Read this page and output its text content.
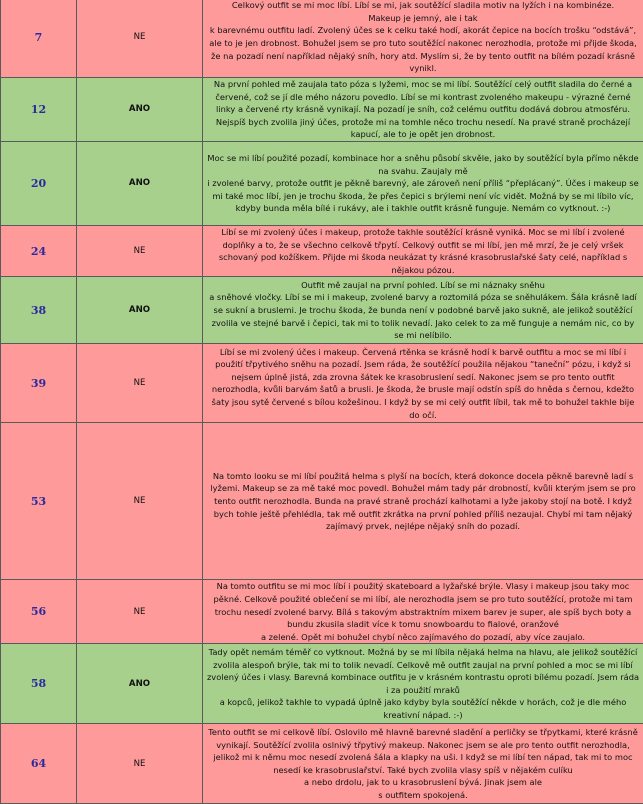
7	NE	Celkový outfit se mi moc líbí. Líbí se mi, jak soutěžící sladila motiv na lyžích i na kombinéze.
Makeup je jemný, ale i tak
k barevnému outfitu ladí. Zvolený účes se k celku také hodí, akorát čepice na bocích trošku “odstává”, ale to je jen drobnost. Bohužel jsem se pro tuto soutěžící nakonec nerozhodla, protože mi přijde škoda, že na pozadí není například nějaký sníh, hory atd. Myslím si, že by tento outfit na bílém pozadí krásně vynikl.
12	ANO	Na první pohled mě zaujala tato póza s lyžemi, moc se mi líbí. Soutěžící celý outfit sladila do černé a červené, což se jí dle mého názoru povedlo. Líbí se mi kontrast zvoleného makeupu - výrazné černé linky a červené rty krásně vynikají. Na pozadí je sníh, což celému outfitu dodává dobrou atmosféru. Nejspíš bych zvolila jiný účes, protože mi na tomhle něco trochu nesedí. Na pravé straně procházejí kapucí, ale to je opět jen drobnost.
20	ANO	Moc se mi líbí použité pozadí, kombinace hor a sněhu působí skvěle, jako by soutěžící byla přímo někde na svahu. Zaujaly mě
i zvolené barvy, protože outfit je pěkně barevný, ale zároveň není příliš “přeplácaný”. Účes i makeup se mi také moc líbí, jen je trochu škoda, že přes čepici s brýlemi není víc vidět. Možná by se mi líbilo víc, kdyby bunda měla bílé i rukávy, ale i takhle outfit krásně funguje. Nemám co vytknout. :-)
24	NE	Líbí se mi zvolený účes i makeup, protože takhle soutěžící krásně vyniká. Moc se mi líbí i zvolené doplňky a to, že se všechno celkově třpytí. Celkový outfit se mi líbí, jen mě mrzí, že je celý vršek schovaný pod kožíškem. Přijde mi škoda neukázat ty krásné krasobruslařské šaty celé, například s nějakou pózou.
38	ANO	Outfit mě zaujal na první pohled. Líbí se mi náznaky sněhu
a sněhové vločky. Líbí se mi i makeup, zvolené barvy a roztomilá póza se sněhulákem. Šála krásně ladí se sukní a bruslemi. Je trochu škoda, že bunda není v podobné barvě jako sukně, ale jelikož soutěžící zvolila ve stejné barvě i čepici, tak mi to tolik nevadí. Jako celek to za mě funguje a nemám nic, co by se mi nelíbilo.
39	NE	Líbí se mi zvolený účes i makeup. Červená rtěnka se krásně hodí k barvě outfitu a moc se mi líbí i použití třpytivého sněhu na pozadí. Jsem ráda, že soutěžící použila nějakou “taneční” pózu, i když si nejsem úplně jistá, zda zrovna šátek ke krasobruslení sedí. Nakonec jsem se pro tento outfit nerozhodla, kvůli barvám šatů a brusli. Je škoda, že brusle mají odstín spíš do hněda s černou, kdežto šaty jsou sytě červené s bílou kožešinou. I když by se mi celý outfit líbil, tak mě to bohužel takhle bije do očí.
53	NE	Na tomto looku se mi líbí použitá helma s plyší na bocích, která dokonce docela pěkně barevně ladí s lyžemi. Makeup se za mě také moc povedl. Bohužel mám tady pár drobností, kvůli kterým jsem se pro tento outfit nerozhodla. Bunda na pravé straně prochází kalhotami a lyže jakoby stojí na botě. I když bych tohle ještě přehlédla, tak mě outfit zkrátka na první pohled příliš nezaujal. Chybí mi tam nějaký zajímavý prvek, nejlépe nějaký sníh do pozadí.
56	NE	Na tomto outfitu se mi moc líbí i použitý skateboard a lyžařské brýle. Vlasy i makeup jsou taky moc pěkné. Celkově použité oblečení se mi líbí, ale nerozhodla jsem se pro tuto soutěžící, protože mi tam trochu nesedí zvolené barvy. Bílá s takovým abstraktním mixem barev je super, ale spíš bych boty a bundu zkusila sladit více k tomu snowboardu to fialové, oranžové
a zelené. Opět mi bohužel chybí něco zajímavého do pozadí, aby více zaujalo.
58	ANO	Tady opět nemám téměř co vytknout. Možná by se mi líbila nějaká helma na hlavu, ale jelikož soutěžící zvolila alespoň brýle, tak mi to tolik nevadí. Celkově mě outfit zaujal na první pohled a moc se mi líbí zvolený účes i vlasy. Barevná kombinace outfitu je v krásném kontrastu oproti bílému pozadí. Jsem ráda i za použití mraků
a kopců, jelikož takhle to vypadá úplně jako kdyby byla soutěžící někde v horách, což je dle mého kreativní nápad. :-)
64	NE	Tento outfit se mi celkově líbí. Oslovilo mě hlavně barevné sladění a perličky se třpytkami, které krásně vynikají. Soutěžící zvolila oslnivý třpytivý makeup. Nakonec jsem se ale pro tento outfit nerozhodla, jelikož mi k němu moc nesedí zvolená šála a klapky na uši. I když se mi líbí ten nápad, tak mi to moc nesedí ke krasobruslařství. Také bych zvolila vlasy spíš v nějakém culíku
a nebo drdolu, jak to u krasobruslení bývá. Jinak jsem ale
s outfitem spokojená.
